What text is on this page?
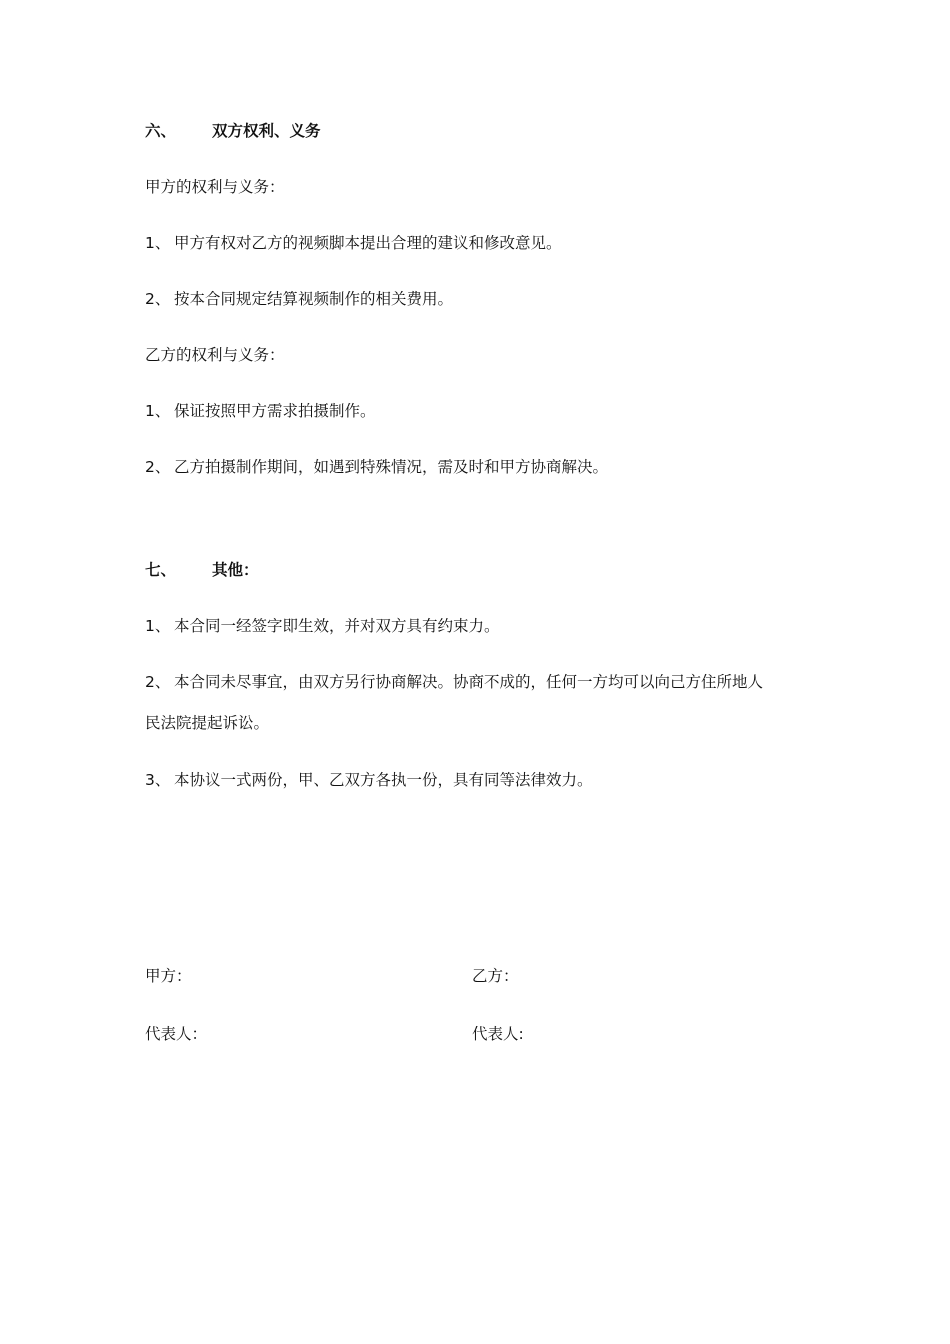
六、 双方权利、义务
甲方的权利与义务：
1、 甲方有权对乙方的视频脚本提出合理的建议和修改意见。
2、 按本合同规定结算视频制作的相关费用。
乙方的权利与义务：
1、 保证按照甲方需求拍摄制作。
2、 乙方拍摄制作期间，如遇到特殊情况，需及时和甲方协商解决。
七、 其他：
1、 本合同一经签字即生效，并对双方具有约束力。
2、 本合同未尽事宜，由双方另行协商解决。协商不成的，任何一方均可以向己方住所地人
民法院提起诉讼。
3、 本协议一式两份，甲、乙双方各执一份，具有同等法律效力。
甲方：	乙方：
代表人：	代表人:
